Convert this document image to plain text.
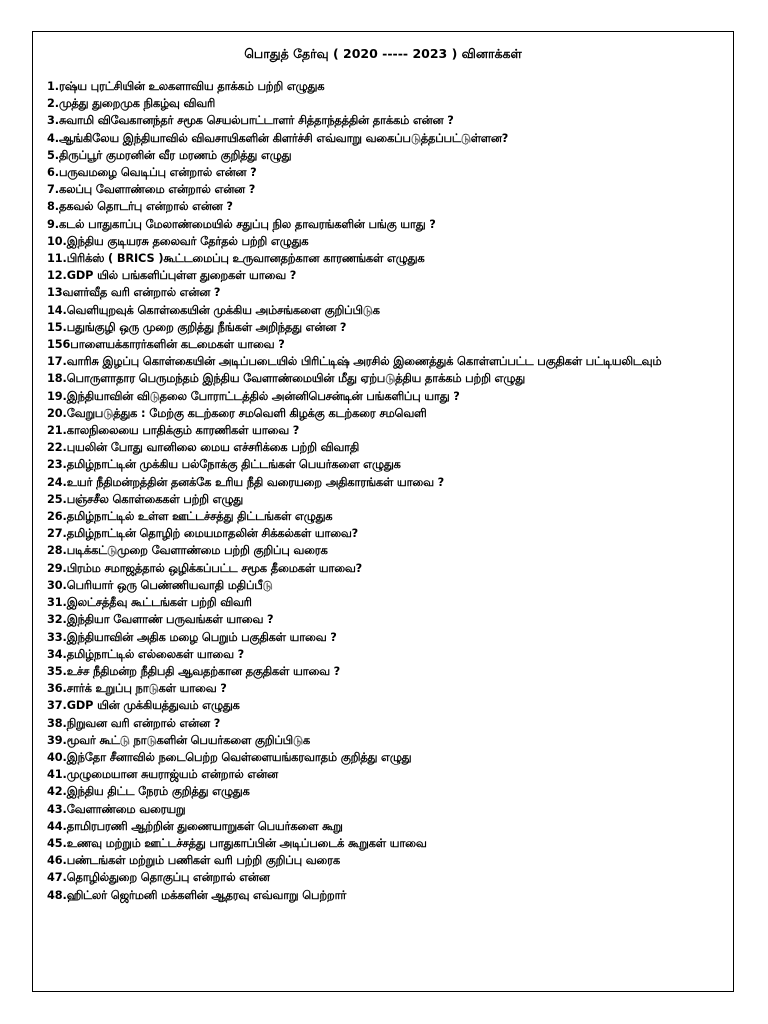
பொதுத் தேர்வு ( 2020 ----- 2023 ) வினாக்கள்
1.ரஷ்ய புரட்சியின் உலகளாவிய தாக்கம் பற்றி எழுதுக
2.முத்து துறைமுக நிகழ்வு விவரி
3.சுவாமி விவேகானந்தர் சமூக செயல்பாட்டாளர் சித்தாந்தத்தின் தாக்கம் என்ன ?
4.ஆங்கிலேய இந்தியாவில் விவசாயிகளின் கிளர்ச்சி எவ்வாறு வகைப்படுத்தப்பட்டுள்ளன?
5.திருப்பூர் குமரனின் வீர மரணம் குறித்து எழுது
6.பருவமழை வெடிப்பு என்றால் என்ன ?
7.கலப்பு வேளாண்மை என்றால் என்ன ?
8.தகவல் தொடர்பு என்றால் என்ன ?
9.கடல் பாதுகாப்பு மேலாண்மையில் சதுப்பு நில தாவரங்களின் பங்கு யாது ?
10.இந்திய குடியரசு தலைவர் தேர்தல் பற்றி எழுதுக
11.பிரிக்ஸ் ( BRICS )கூட்டமைப்பு உருவானதற்கான காரணங்கள் எழுதுக
12.GDP யில் பங்களிப்புள்ள துறைகள் யாவை ?
13வளர்வீத வரி என்றால் என்ன ?
14.வெளியுறவுக் கொள்கையின் முக்கிய அம்சங்களை குறிப்பிடுக
15.பதுங்குழி ஒரு முறை குறித்து நீங்கள் அறிந்தது என்ன ?
156பாளையக்காரர்களின் கடமைகள் யாவை ?
17.வாரிசு இழப்பு கொள்கையின் அடிப்படையில் பிரிட்டிஷ் அரசில் இணைத்துக் கொள்ளப்பட்ட பகுதிகள் பட்டியலிடவும்
18.பொருளாதார பெருமந்தம் இந்திய வேளாண்மையின் மீது ஏற்படுத்திய தாக்கம் பற்றி எழுது
19.இந்தியாவின் விடுதலை போராட்டத்தில் அன்னிபெசன்டின் பங்களிப்பு யாது ?
20.வேறுபடுத்துக : மேற்கு கடற்கரை சமவெளி கிழக்கு கடற்கரை சமவெளி
21.காலநிலையை பாதிக்கும் காரணிகள் யாவை ?
22.புயலின் போது வானிலை மைய எச்சரிக்கை பற்றி விவாதி
23.தமிழ்நாட்டின் முக்கிய பல்நோக்கு திட்டங்கள் பெயர்களை எழுதுக
24.உயர் நீதிமன்றத்தின் தனக்கே உரிய நீதி வரையறை அதிகாரங்கள் யாவை ?
25.பஞ்சசீல கொள்கைகள் பற்றி எழுது
26.தமிழ்நாட்டில் உள்ள ஊட்டச்சத்து திட்டங்கள் எழுதுக
27.தமிழ்நாட்டின் தொழிற் மையமாதலின் சிக்கல்கள் யாவை?
28.படிக்கட்டுமுறை வேளாண்மை பற்றி குறிப்பு வரைக
29.பிரம்ம சமாஜத்தால் ஒழிக்கப்பட்ட சமூக தீமைகள் யாவை?
30.பெரியார் ஒரு பெண்ணியவாதி மதிப்பீடு
31.இலட்சத்தீவு கூட்டங்கள் பற்றி விவரி
32.இந்தியா வேளாண் பருவங்கள் யாவை ?
33.இந்தியாவின் அதிக மழை பெறும் பகுதிகள் யாவை ?
34.தமிழ்நாட்டில் எல்லைகள் யாவை ?
35.உச்ச நீதிமன்ற நீதிபதி ஆவதற்கான தகுதிகள் யாவை ?
36.சார்க் உறுப்பு நாடுகள் யாவை ?
37.GDP யின் முக்கியத்துவம் எழுதுக
38.நிறுவன வரி என்றால் என்ன ?
39.மூவர் கூட்டு நாடுகளின் பெயர்களை குறிப்பிடுக
40.இந்தோ சீனாவில் நடைபெற்ற வெள்ளையங்கரவாதம் குறித்து எழுது
41.முழுமையான சுயராஜ்யம் என்றால் என்ன
42.இந்திய திட்ட நேரம் குறித்து எழுதுக
43.வேளாண்மை வரையறு
44.தாமிரபரணி ஆற்றின் துணையாறுகள் பெயர்களை கூறு
45.உணவு மற்றும் ஊட்டச்சத்து பாதுகாப்பின் அடிப்படைக் கூறுகள் யாவை
46.பண்டங்கள் மற்றும் பணிகள் வரி பற்றி குறிப்பு வரைக
47.தொழில்துறை தொகுப்பு என்றால் என்ன
48.ஹிட்லர் ஜெர்மனி மக்களின் ஆதரவு எவ்வாறு பெற்றார்
